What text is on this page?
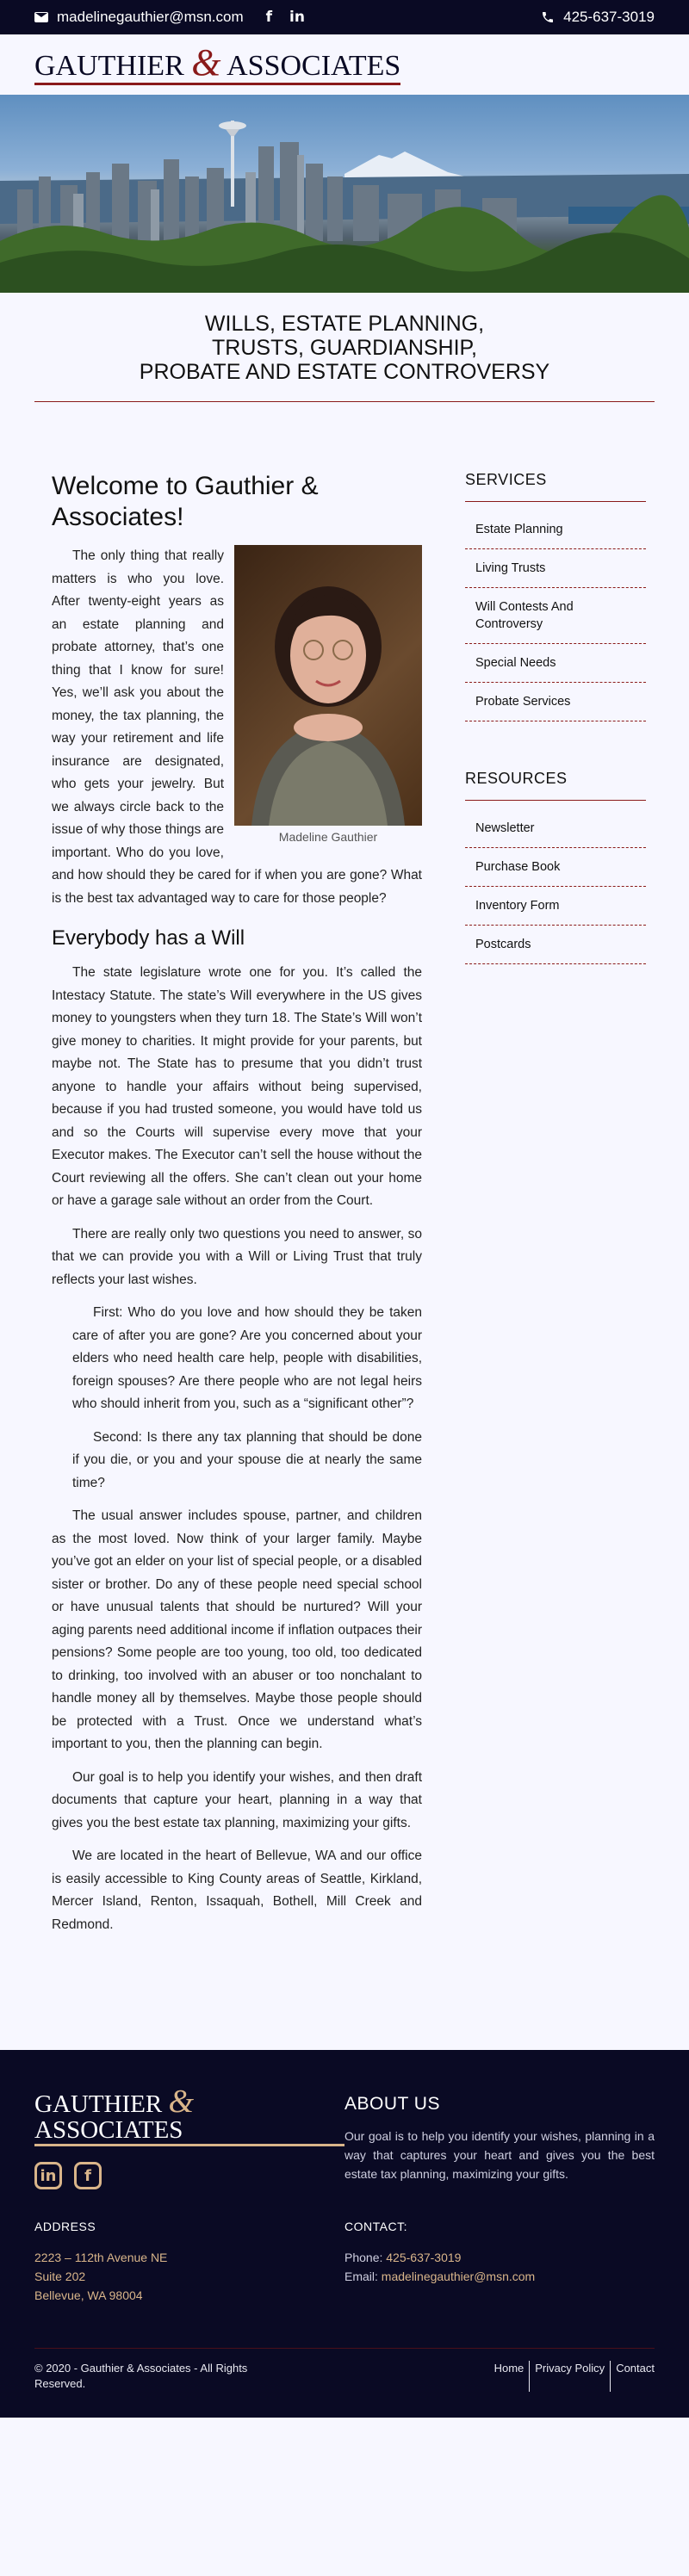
madelinegauthier@msn.com f in	425-637-3019
GAUTHIER & ASSOCIATES
WILLS, ESTATE PLANNING,
TRUSTS, GUARDIANSHIP,
PROBATE AND ESTATE CONTROVERSY
Welcome to Gauthier & Associates!
Madeline Gauthier

The only thing that really matters is who you love. After twenty-eight years as an estate planning and probate attorney, that’s one thing that I know for sure! Yes, we’ll ask you about the money, the tax planning, the way your retirement and life insurance are designated, who gets your jewelry. But we always circle back to the issue of why those things are important. Who do you love, and how should they be cared for if when you are gone? What is the best tax advantaged way to care for those people?

Everybody has a Will

The state legislature wrote one for you. It’s called the Intestacy Statute. The state’s Will everywhere in the US gives money to youngsters when they turn 18. The State’s Will won’t give money to charities. It might provide for your parents, but maybe not. The State has to presume that you didn’t trust anyone to handle your affairs without being supervised, because if you had trusted someone, you would have told us and so the Courts will supervise every move that your Executor makes. The Executor can’t sell the house without the Court reviewing all the offers. She can’t clean out your home or have a garage sale without an order from the Court.

There are really only two questions you need to answer, so that we can provide you with a Will or Living Trust that truly reflects your last wishes.

First: Who do you love and how should they be taken care of after you are gone? Are you concerned about your elders who need health care help, people with disabilities, foreign spouses? Are there people who are not legal heirs who should inherit from you, such as a “significant other”?

Second: Is there any tax planning that should be done if you die, or you and your spouse die at nearly the same time?

The usual answer includes spouse, partner, and children as the most loved. Now think of your larger family. Maybe you’ve got an elder on your list of special people, or a disabled sister or brother. Do any of these people need special school or have unusual talents that should be nurtured? Will your aging parents need additional income if inflation outpaces their pensions? Some people are too young, too old, too dedicated to drinking, too involved with an abuser or too nonchalant to handle money all by themselves. Maybe those people should be protected with a Trust. Once we understand what’s important to you, then the planning can begin.

Our goal is to help you identify your wishes, and then draft documents that capture your heart, planning in a way that gives you the best estate tax planning, maximizing your gifts.

We are located in the heart of Bellevue, WA and our office is easily accessible to King County areas of Seattle, Kirkland, Mercer Island, Renton, Issaquah, Bothell, Mill Creek and Redmond.

SERVICES
Estate Planning
Living Trusts
Will Contests And Controversy
Special Needs
Probate Services
RESOURCES
Newsletter
Purchase Book
Inventory Form
Postcards
GAUTHIER & ASSOCIATES
in	f
ABOUT US
Our goal is to help you identify your wishes, planning in a way that captures your heart and gives you the best estate tax planning, maximizing your gifts.
ADDRESS
2223 – 112th Avenue NE
Suite 202
Bellevue, WA 98004
CONTACT:
Phone: 425-637-3019
Email: madelinegauthier@msn.com
© 2020 - Gauthier & Associates - All Rights Reserved.
Home	Privacy Policy	Contact
